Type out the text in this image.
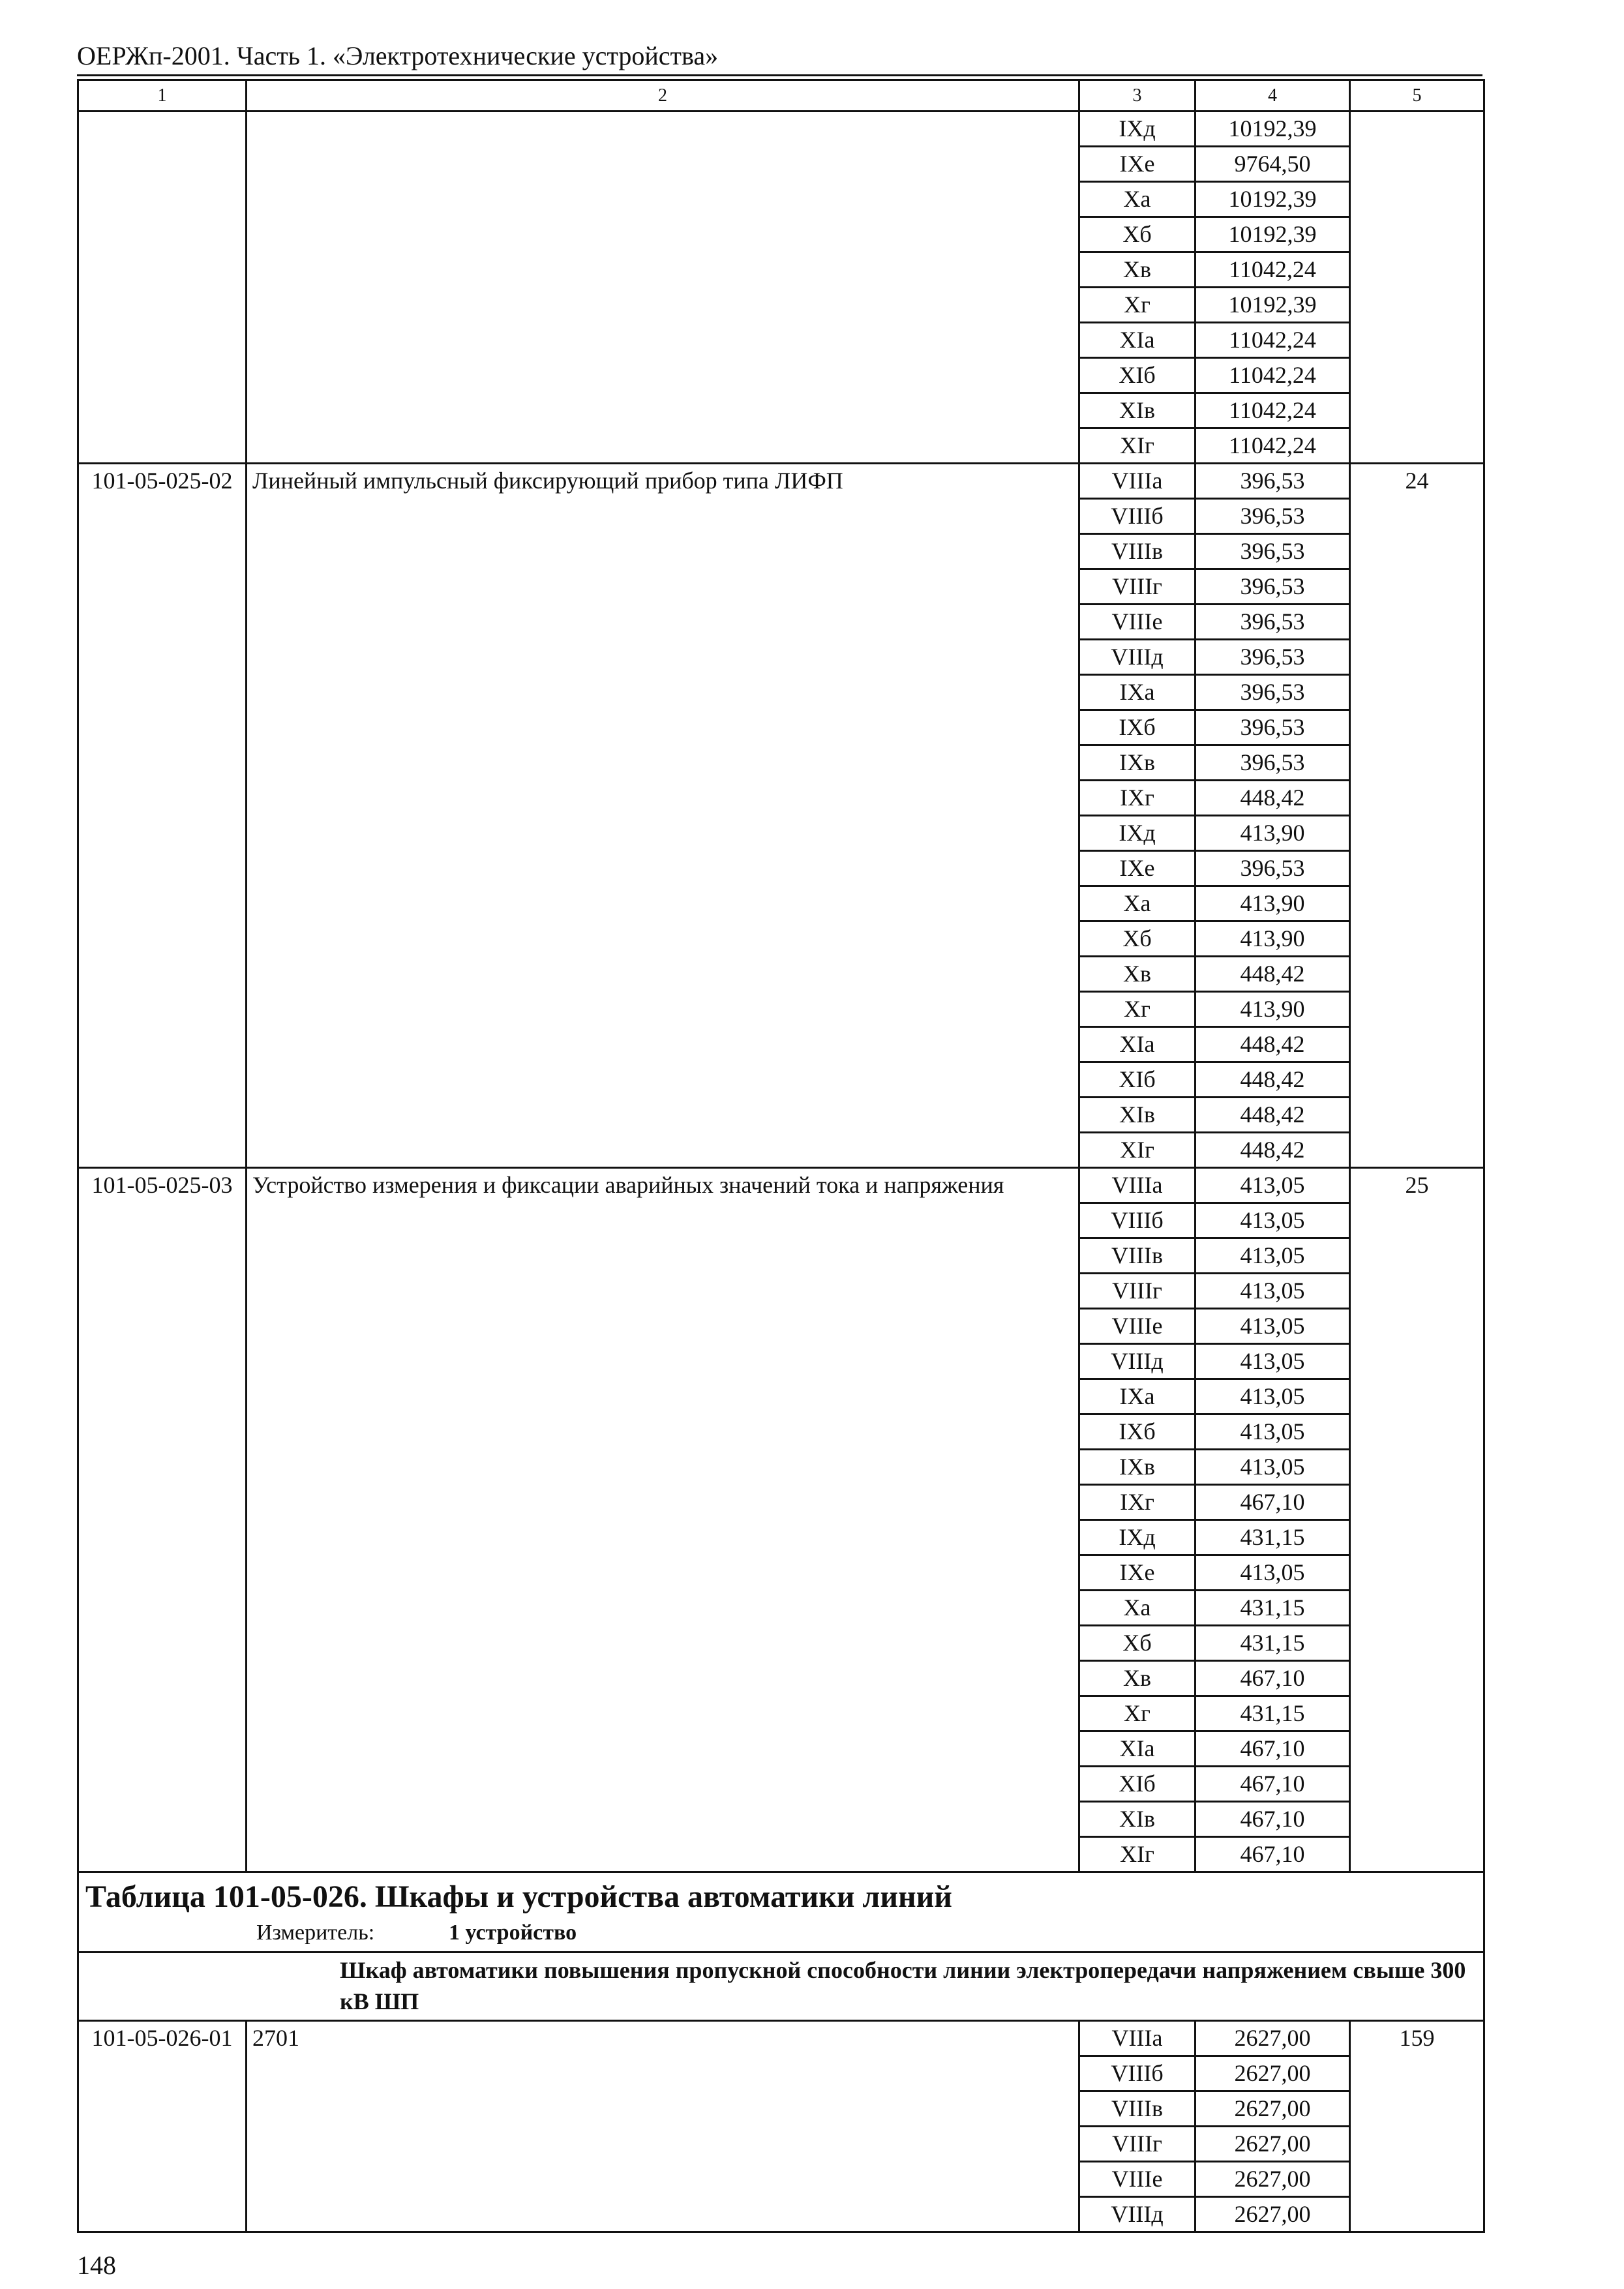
ОЕРЖп-2001. Часть 1. «Электротехнические устройства»
1	2	3	4	5
		IXд	10192,39	
		IXе	9764,50	
		Xа	10192,39	
		Xб	10192,39	
		Xв	11042,24	
		Xг	10192,39	
		XIа	11042,24	
		XIб	11042,24	
		XIв	11042,24	
		XIг	11042,24	
101-05-025-02	Линейный импульсный фиксирующий прибор типа ЛИФП	VIIIа	396,53	24
		VIIIб	396,53	
		VIIIв	396,53	
		VIIIг	396,53	
		VIIIе	396,53	
		VIIIд	396,53	
		IXа	396,53	
		IXб	396,53	
		IXв	396,53	
		IXг	448,42	
		IXд	413,90	
		IXе	396,53	
		Xа	413,90	
		Xб	413,90	
		Xв	448,42	
		Xг	413,90	
		XIа	448,42	
		XIб	448,42	
		XIв	448,42	
		XIг	448,42	
101-05-025-03	Устройство измерения и фиксации аварийных значений тока и напряжения	VIIIа	413,05	25
		VIIIб	413,05	
		VIIIв	413,05	
		VIIIг	413,05	
		VIIIе	413,05	
		VIIIд	413,05	
		IXа	413,05	
		IXб	413,05	
		IXв	413,05	
		IXг	467,10	
		IXд	431,15	
		IXе	413,05	
		Xа	431,15	
		Xб	431,15	
		Xв	467,10	
		Xг	431,15	
		XIа	467,10	
		XIб	467,10	
		XIв	467,10	
		XIг	467,10	

Таблица 101-05-026. Шкафы и устройства автоматики линий
Измеритель: 1 устройство				

Шкаф автоматики повышения пропускной способности линии электропередачи напряжением свыше 300 кВ ШП				
101-05-026-01	2701	VIIIа	2627,00	159
		VIIIб	2627,00	
		VIIIв	2627,00	
		VIIIг	2627,00	
		VIIIе	2627,00	
		VIIIд	2627,00	
148
